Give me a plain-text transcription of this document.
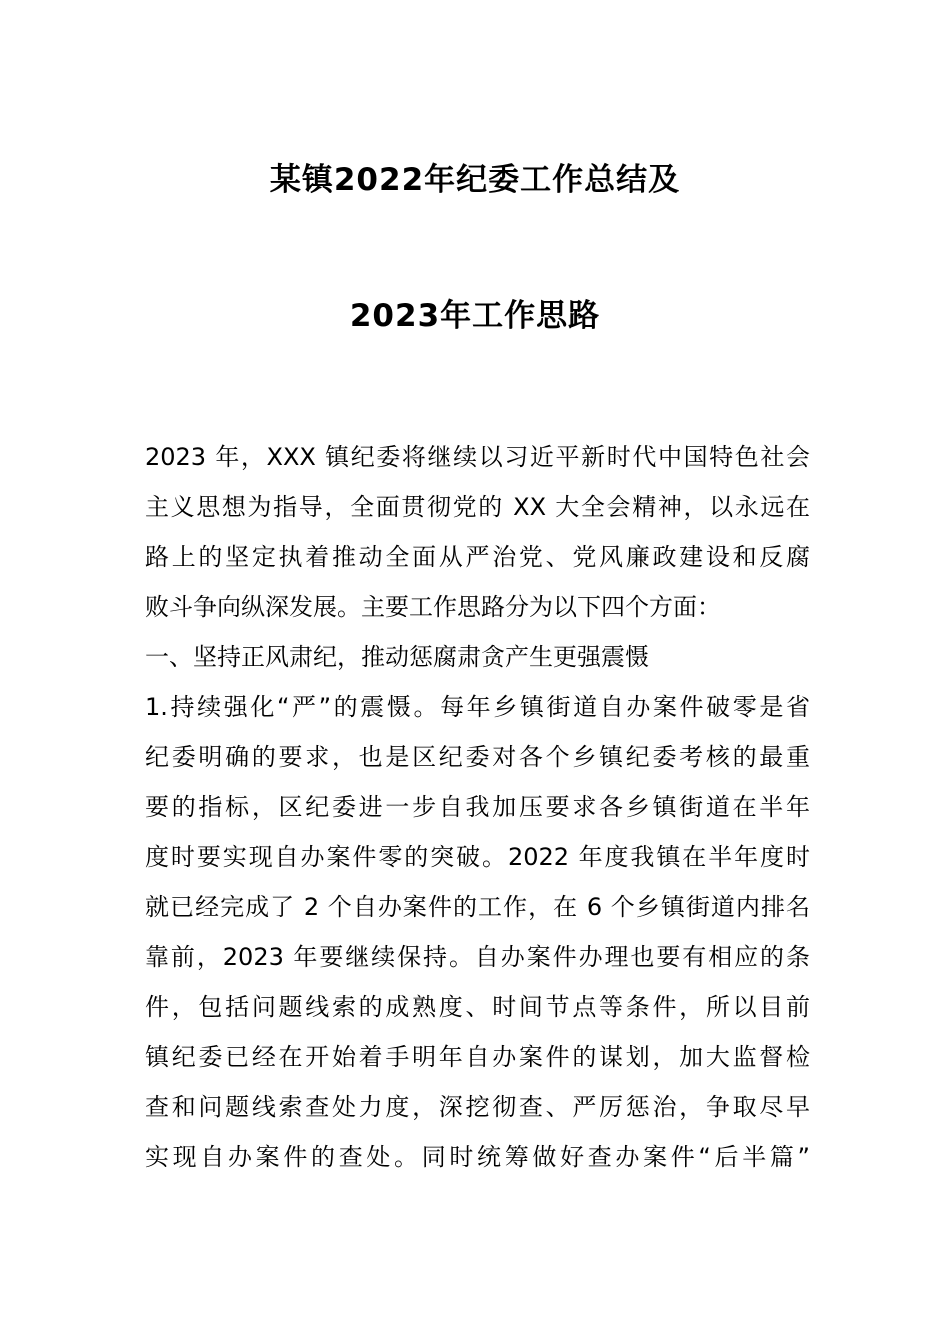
某镇2022年纪委工作总结及
2023年工作思路
2023 年，XXX 镇纪委将继续以习近平新时代中国特色社会
主义思想为指导，全面贯彻党的 XX 大全会精神，以永远在
路上的坚定执着推动全面从严治党、党风廉政建设和反腐
败斗争向纵深发展。主要工作思路分为以下四个方面：
一、坚持正风肃纪，推动惩腐肃贪产生更强震慑
1.持续强化“严”的震慑。每年乡镇街道自办案件破零是省
纪委明确的要求，也是区纪委对各个乡镇纪委考核的最重
要的指标，区纪委进一步自我加压要求各乡镇街道在半年
度时要实现自办案件零的突破。2022 年度我镇在半年度时
就已经完成了 2 个自办案件的工作，在 6 个乡镇街道内排名
靠前，2023 年要继续保持。自办案件办理也要有相应的条
件，包括问题线索的成熟度、时间节点等条件，所以目前
镇纪委已经在开始着手明年自办案件的谋划，加大监督检
查和问题线索查处力度，深挖彻查、严厉惩治，争取尽早
实现自办案件的查处。同时统筹做好查办案件“后半篇”
